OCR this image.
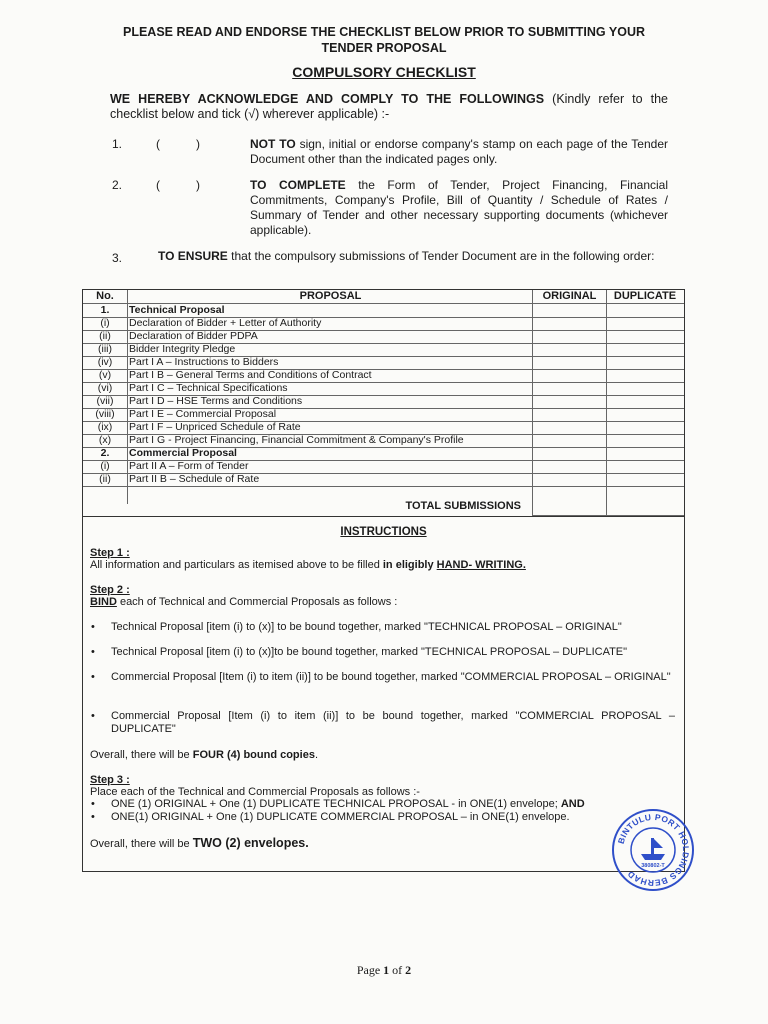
PLEASE READ AND ENDORSE THE CHECKLIST BELOW PRIOR TO SUBMITTING YOUR
TENDER PROPOSAL
COMPULSORY CHECKLIST
WE HEREBY ACKNOWLEDGE AND COMPLY TO THE FOLLOWINGS (Kindly refer to the checklist below and tick (√) wherever applicable) :-
1.	(	)	NOT TO sign, initial or endorse company's stamp on each page of the Tender Document other than the indicated pages only.
2.	(	)	TO COMPLETE the Form of Tender, Project Financing, Financial Commitments, Company's Profile, Bill of Quantity / Schedule of Rates / Summary of Tender and other necessary supporting documents (whichever applicable).
3.	TO ENSURE that the compulsory submissions of Tender Document are in the following order:
No.	PROPOSAL	ORIGINAL	DUPLICATE
1.	Technical Proposal
(i)	Declaration of Bidder + Letter of Authority
(ii)	Declaration of Bidder PDPA
(iii)	Bidder Integrity Pledge
(iv)	Part I A – Instructions to Bidders
(v)	Part I B – General Terms and Conditions of Contract
(vi)	Part I C – Technical Specifications
(vii)	Part I D – HSE Terms and Conditions
(viii)	Part I E – Commercial Proposal
(ix)	Part I F – Unpriced Schedule of Rate
(x)	Part I G - Project Financing, Financial Commitment & Company's Profile
2.	Commercial Proposal
(i)	Part II A – Form of Tender
(ii)	Part II B – Schedule of Rate
TOTAL SUBMISSIONS
INSTRUCTIONS
Step 1 :
All information and particulars as itemised above to be filled in eligibly HAND- WRITING.
Step 2 :
BIND each of Technical and Commercial Proposals as follows :
• Technical Proposal [item (i) to (x)] to be bound together, marked "TECHNICAL PROPOSAL – ORIGINAL"
• Technical Proposal [item (i) to (x)]to be bound together, marked "TECHNICAL PROPOSAL – DUPLICATE"
• Commercial Proposal [Item (i) to item (ii)] to be bound together, marked "COMMERCIAL PROPOSAL – ORIGINAL"
• Commercial Proposal [Item (i) to item (ii)] to be bound together, marked "COMMERCIAL PROPOSAL – DUPLICATE"
Overall, there will be FOUR (4) bound copies.
Step 3 :
Place each of the Technical and Commercial Proposals as follows :-
• ONE (1) ORIGINAL + One (1) DUPLICATE TECHNICAL PROPOSAL - in ONE(1) envelope; AND
• ONE(1) ORIGINAL + One (1) DUPLICATE COMMERCIAL PROPOSAL – in ONE(1) envelope.
Overall, there will be TWO (2) envelopes.	BINTULU PORT HOLDINGS BERHAD
380802-T
Page 1 of 2
